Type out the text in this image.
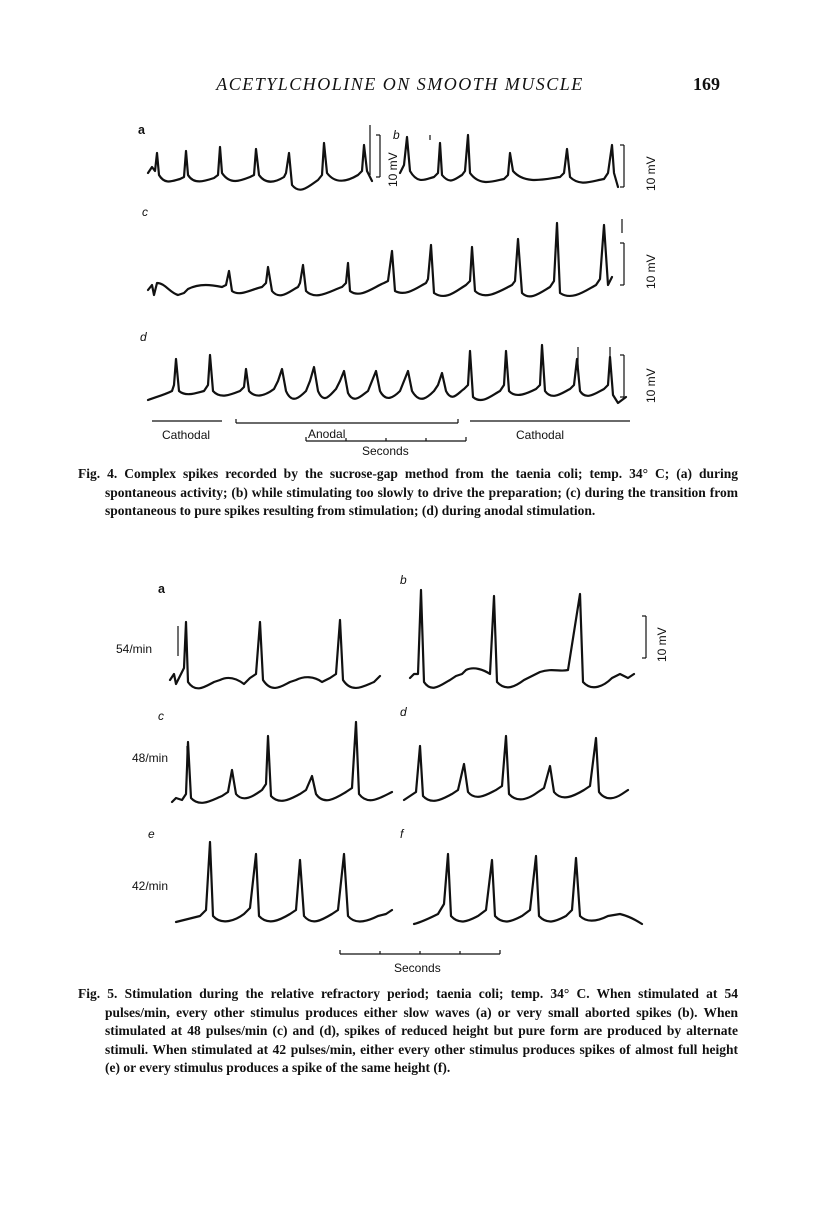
ACETYLCHOLINE ON SMOOTH MUSCLE	169
a	b
c
d
10 mV	10 mV
10 mV
10 mV
Cathodal	Anodal	Cathodal
Seconds
Fig. 4. Complex spikes recorded by the sucrose-gap method from the taenia coli; temp. 34° C; (a) during spontaneous activity; (b) while stimulating too slowly to drive the preparation; (c) during the transition from spontaneous to pure spikes resulting from stimulation; (d) during anodal stimulation.
a
b
c	d
e	f
54/min
48/min
42/min
10 mV
Seconds
Fig. 5. Stimulation during the relative refractory period; taenia coli; temp. 34° C. When stimulated at 54 pulses/min, every other stimulus produces either slow waves (a) or very small aborted spikes (b). When stimulated at 48 pulses/min (c) and (d), spikes of reduced height but pure form are produced by alternate stimuli. When stimulated at 42 pulses/min, either every other stimulus produces spikes of almost full height (e) or every stimulus produces a spike of the same height (f).
